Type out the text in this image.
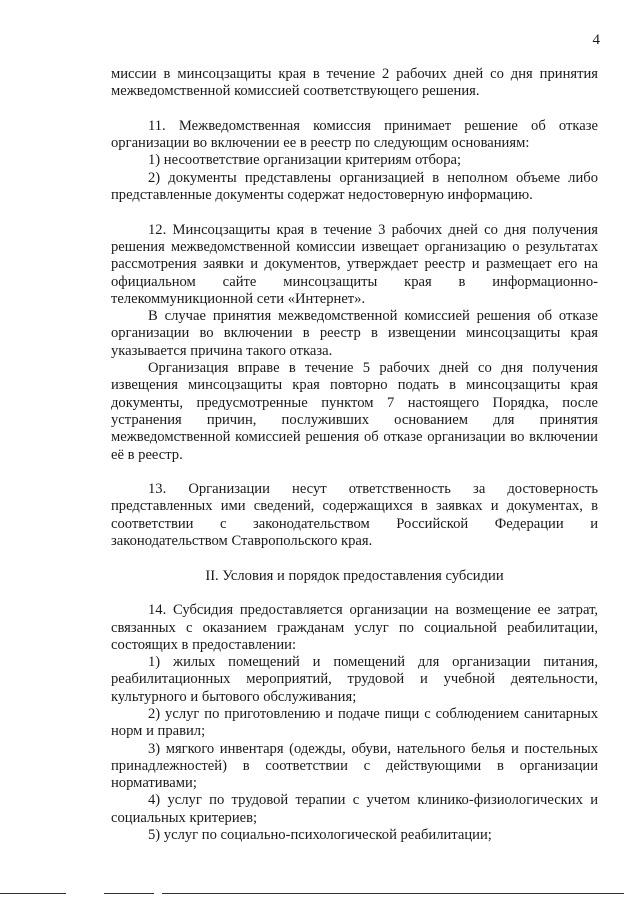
4

миссии в минсоцзащиты края в течение 2 рабочих дней со дня принятия межведомственной комиссией соответствующего решения.

11. Межведомственная комиссия принимает решение об отказе организации во включении ее в реестр по следующим основаниям:

1) несоответствие организации критериям отбора;

2) документы представлены организацией в неполном объеме либо представленные документы содержат недостоверную информацию.

12. Минсоцзащиты края в течение 3 рабочих дней со дня получения решения межведомственной комиссии извещает организацию о результатах рассмотрения заявки и документов, утверждает реестр и размещает его на официальном сайте минсоцзащиты края в информационно-телекоммуникционной сети «Интернет».

В случае принятия межведомственной комиссией решения об отказе организации во включении в реестр в извещении минсоцзащиты края указывается причина такого отказа.

Организация вправе в течение 5 рабочих дней со дня получения извещения минсоцзащиты края повторно подать в минсоцзащиты края документы, предусмотренные пунктом 7 настоящего Порядка, после устранения причин, послуживших основанием для принятия межведомственной комиссией решения об отказе организации во включении её в реестр.

13. Организации несут ответственность за достоверность представленных ими сведений, содержащихся в заявках и документах, в соответствии с законодательством Российской Федерации и законодательством Ставропольского края.

II. Условия и порядок предоставления субсидии

14. Субсидия предоставляется организации на возмещение ее затрат, связанных с оказанием гражданам услуг по социальной реабилитации, состоящих в предоставлении:

1) жилых помещений и помещений для организации питания, реабилитационных мероприятий, трудовой и учебной деятельности, культурного и бытового обслуживания;

2) услуг по приготовлению и подаче пищи с соблюдением санитарных норм и правил;

3) мягкого инвентаря (одежды, обуви, нательного белья и постельных принадлежностей) в соответствии с действующими в организации нормативами;

4) услуг по трудовой терапии с учетом клинико-физиологических и социальных критериев;

5) услуг по социально-психологической реабилитации;
